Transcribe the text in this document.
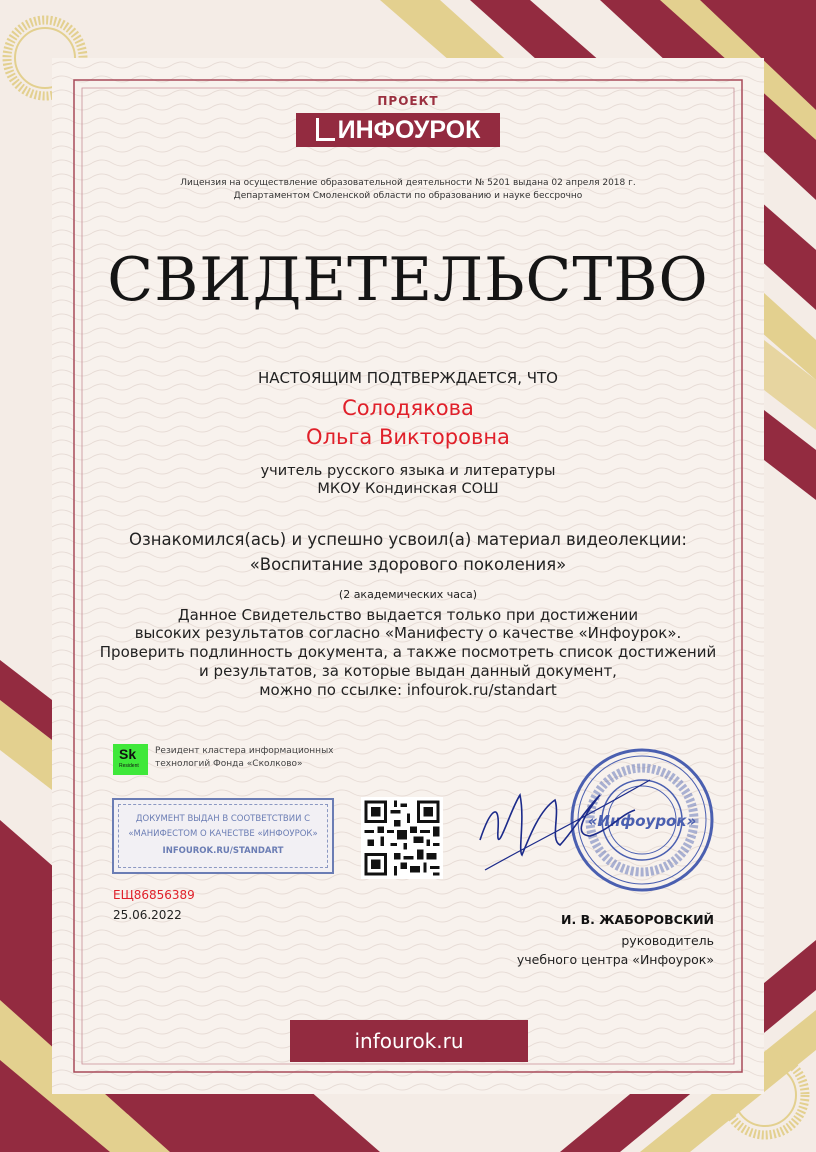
ПРОЕКТ
ИНФОУРОК
Лицензия на осуществление образовательной деятельности № 5201 выдана 02 апреля 2018 г.
Департаментом Смоленской области по образованию и науке бессрочно
СВИДЕТЕЛЬСТВО
НАСТОЯЩИМ ПОДТВЕРЖДАЕТСЯ, ЧТО
Солодякова
Ольга Викторовна
учитель русского языка и литературы
МКОУ Кондинская СОШ
Ознакомился(ась) и успешно усвоил(а) материал видеолекции:
«Воспитание здорового поколения»
(2 академических часа)
Данное Свидетельство выдается только при достижении
высоких результатов согласно «Манифесту о качестве «Инфоурок».
Проверить подлинность документа, а также посмотреть список достижений
и результатов, за которые выдан данный документ,
можно по ссылке: infourok.ru/standart
Sk
Resident
Резидент кластера информационных
технологий Фонда «Сколково»
ДОКУМЕНТ ВЫДАН В СООТВЕТСТВИИ С
«МАНИФЕСТОМ О КАЧЕСТВЕ «ИНФОУРОК»
INFOUROK.RU/STANDART
ЕЩ86856389
25.06.2022
«Инфоурок»
И. В. ЖАБОРОВСКИЙ
руководитель
учебного центра «Инфоурок»
infourok.ru
